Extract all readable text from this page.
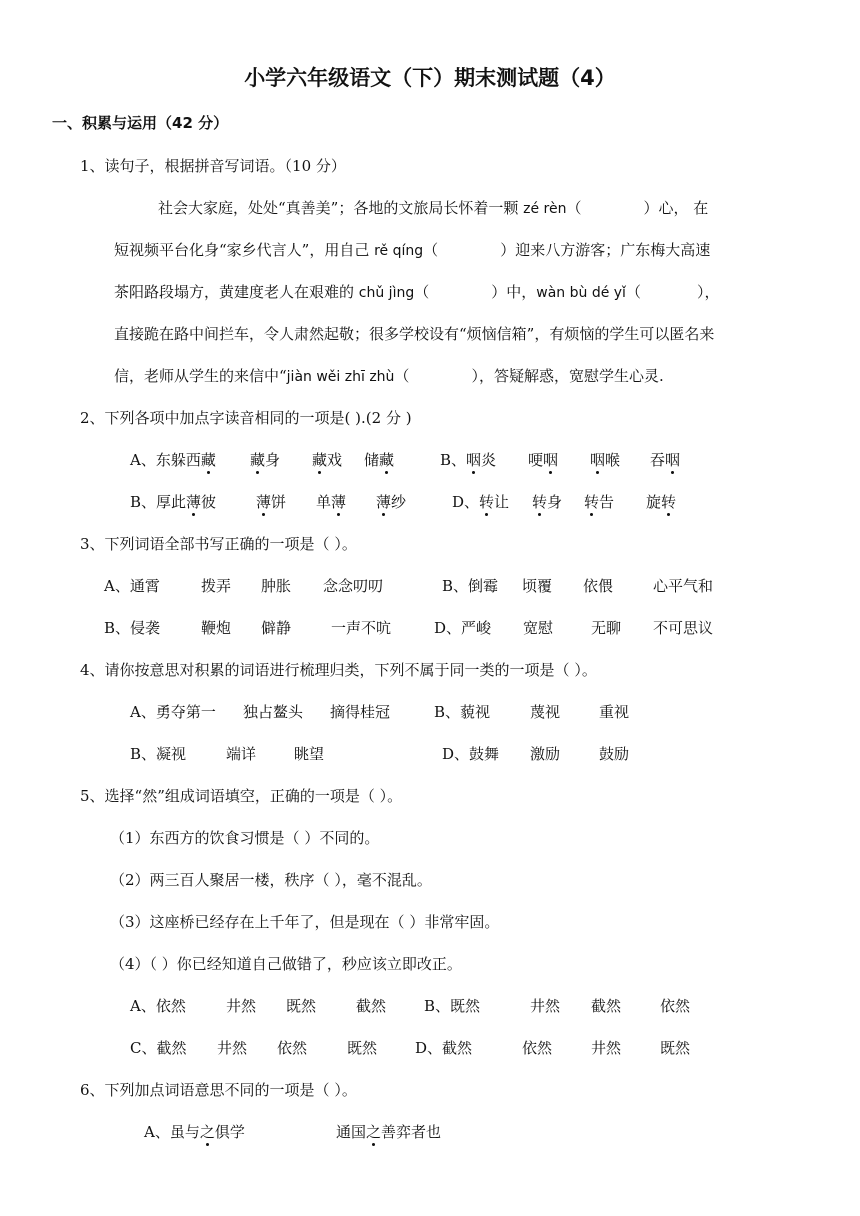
小学六年级语文（下）期末测试题（4）
一、积累与运用（42 分）
1、读句子，根据拼音写词语。（10 分）
社会大家庭，处处“真善美”；各地的文旅局长怀着一颗 zé rèn（	）心， 在
短视频平台化身“家乡代言人”，用自己 rě qíng（	）迎来八方游客；广东梅大高速
茶阳路段塌方，黄建度老人在艰难的 chǔ jìng（	）中，wàn bù dé yǐ（	），
直接跪在路中间拦车，令人肃然起敬；很多学校设有“烦恼信箱”，有烦恼的学生可以匿名来
信，老师从学生的来信中“jiàn wěi zhī zhù（	），答疑解惑，宽慰学生心灵.
2、下列各项中加点字读音相同的一项是( ).(2 分 )
A、东躲西藏 藏身 藏戏 储藏	B、咽炎 哽咽 咽喉 吞咽
B、厚此薄彼	薄饼 单薄 薄纱	D、转让 转身 转告 旋转
3、下列词语全部书写正确的一项是（ ）。
A、通霄	拨弄 肿胀 念念叨叨	B、倒霉 顷覆 依偎	心平气和
B、侵袭	鞭炮 僻静	一声不吭	D、严峻 宽慰	无聊 不可思议
4、请你按意思对积累的词语进行梳理归类，下列不属于同一类的一项是（ ）。
A、勇夺第一 独占鳌头 摘得桂冠	B、藐视	蔑视	重视
B、凝视	端详	眺望	D、鼓舞 激励	鼓励
5、选择“然”组成词语填空，正确的一项是（ ）。
（1）东西方的饮食习惯是（ ）不同的。
（2）两三百人聚居一楼，秩序（ ），毫不混乱。
（3）这座桥已经存在上千年了，但是现在（ ）非常牢固。
（4）（ ）你已经知道自己做错了，秒应该立即改正。
A、依然	井然 既然	截然	B、既然	井然 截然	依然
C、截然 井然 依然	既然	D、截然	依然	井然	既然
6、下列加点词语意思不同的一项是（ ）。
A、虽与之俱学	通国之善弈者也
